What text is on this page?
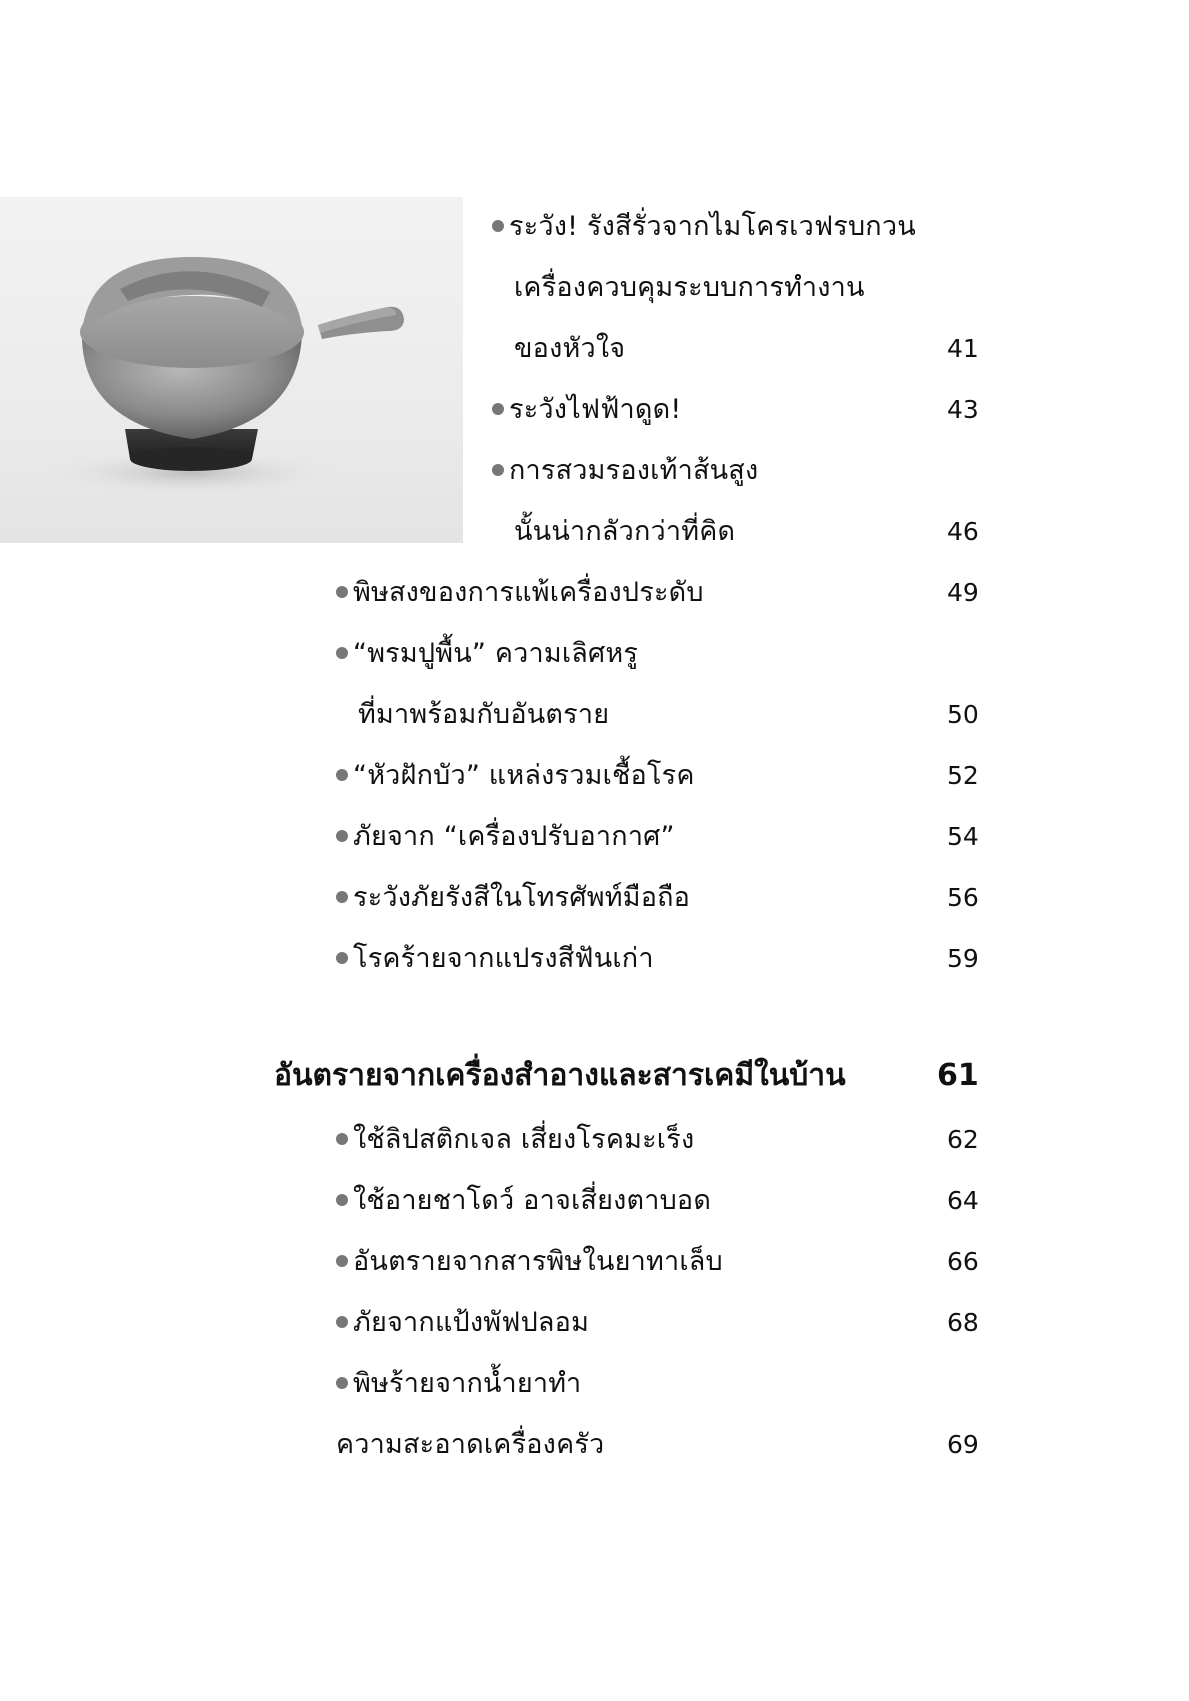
ระวัง! รังสีรั่วจากไมโครเวฟรบกวน
เครื่องควบคุมระบบการทำงาน
ของหัวใจ	41
ระวังไฟฟ้าดูด!	43
การสวมรองเท้าส้นสูง
นั้นน่ากลัวกว่าที่คิด	46
พิษสงของการแพ้เครื่องประดับ	49
“พรมปูพื้น” ความเลิศหรู
ที่มาพร้อมกับอันตราย	50
“หัวฝักบัว” แหล่งรวมเชื้อโรค	52
ภัยจาก “เครื่องปรับอากาศ”	54
ระวังภัยรังสีในโทรศัพท์มือถือ	56
โรคร้ายจากแปรงสีฟันเก่า	59
อันตรายจากเครื่องสำอางและสารเคมีในบ้าน	61
ใช้ลิปสติกเจล เสี่ยงโรคมะเร็ง	62
ใช้อายชาโดว์ อาจเสี่ยงตาบอด	64
อันตรายจากสารพิษในยาทาเล็บ	66
ภัยจากแป้งพัฟปลอม	68
พิษร้ายจากน้ำยาทำ
ความสะอาดเครื่องครัว	69
